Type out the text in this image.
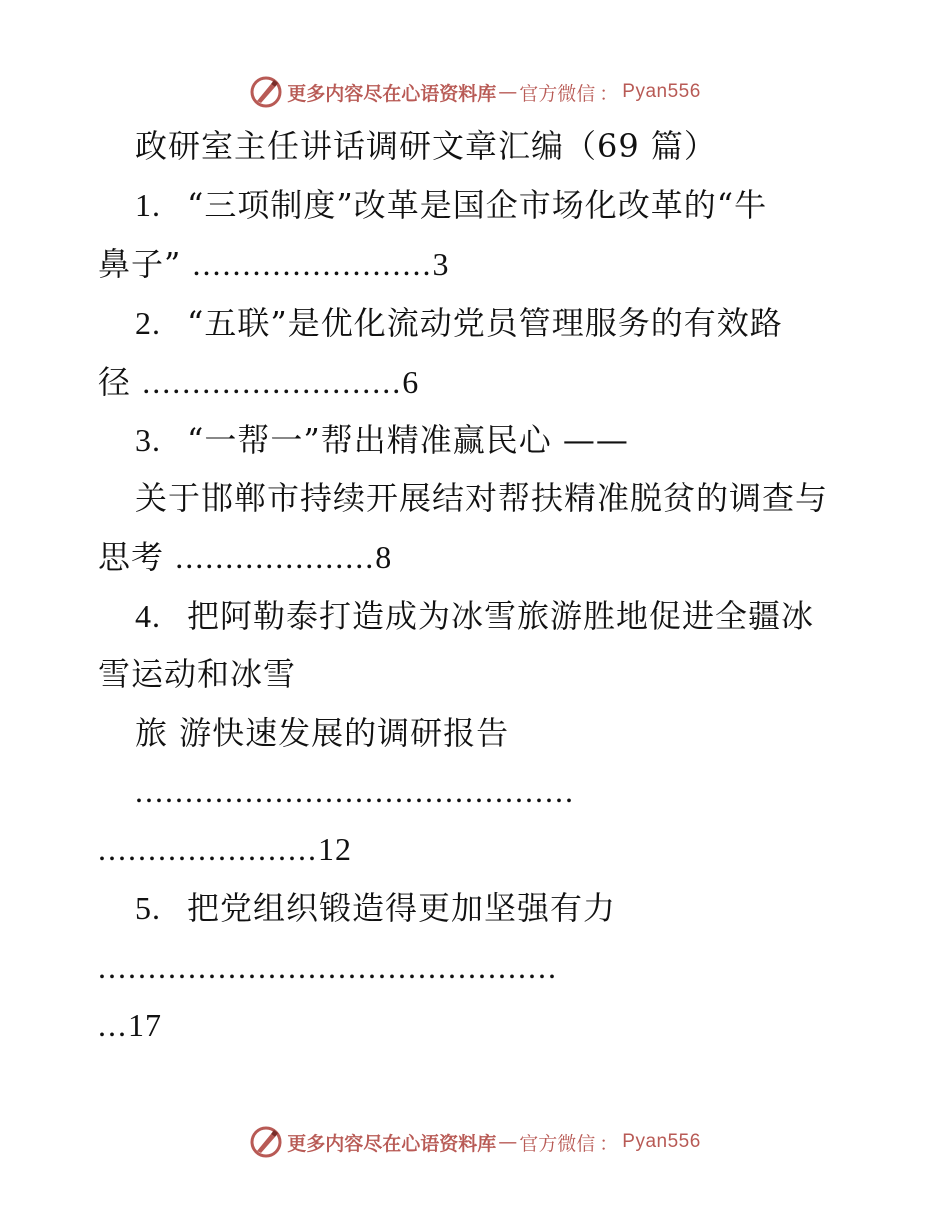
更多内容尽在心语资料库 — 官方微信 ： Pyan556
政研室主任讲话调研文章汇编（69 篇）
1. “三项制度”改革是国企市场化改革的“牛
鼻子” ........................3
2. “五联”是优化流动党员管理服务的有效路
径 ..........................6
3. “一帮一”帮出精准赢民心 ——
关于邯郸市持续开展结对帮扶精准脱贫的调查与
思考 ....................8
4. 把阿勒泰打造成为冰雪旅游胜地促进全疆冰
雪运动和冰雪
旅 游快速发展的调研报告
............................................
......................12
5. 把党组织锻造得更加坚强有力
..............................................
...17
更多内容尽在心语资料库 — 官方微信 ： Pyan556
